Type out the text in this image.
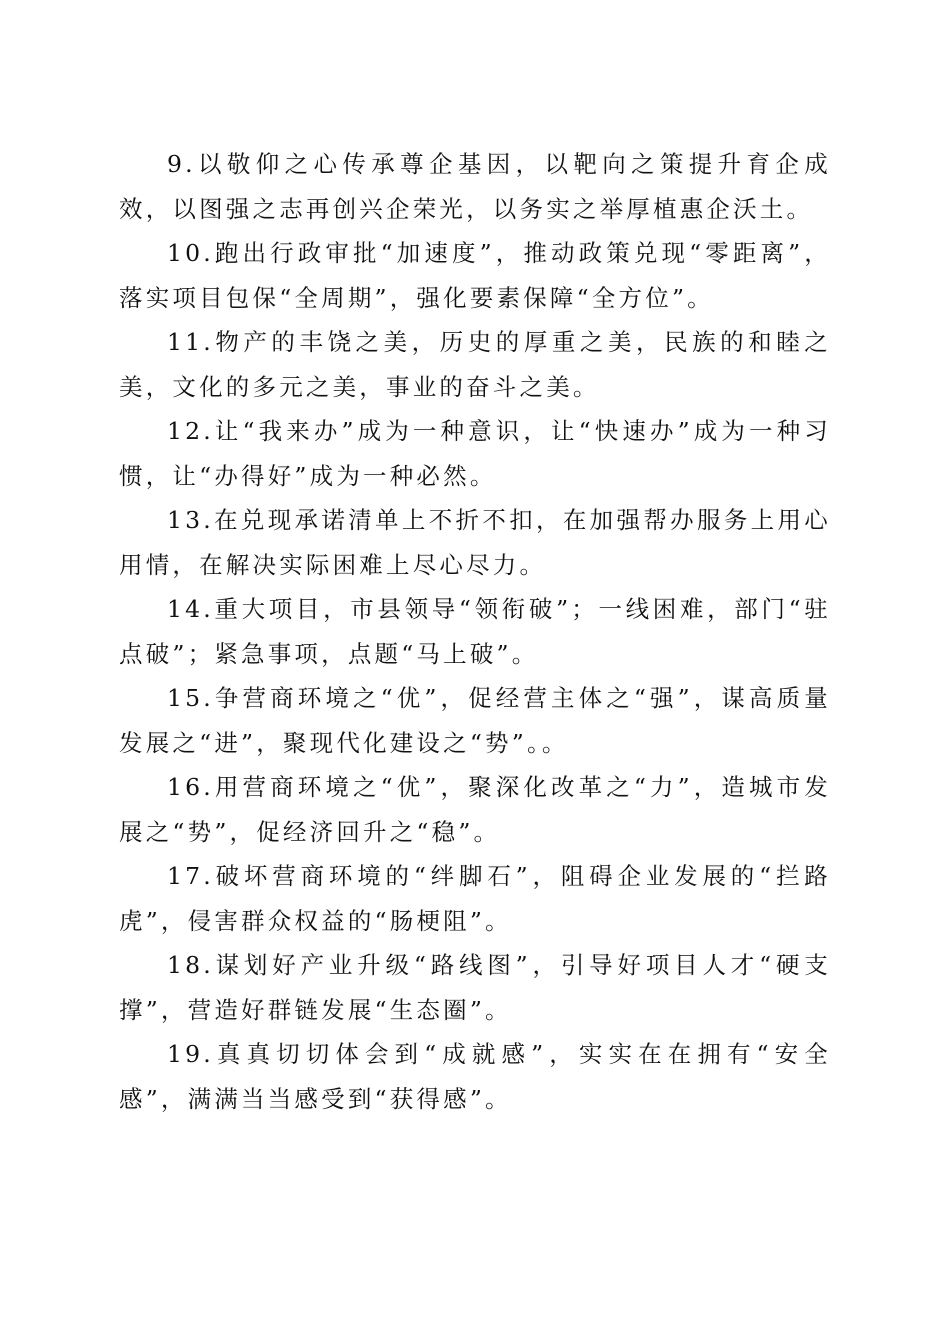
9.以敬仰之心传承尊企基因，以靶向之策提升育企成效，以图强之志再创兴企荣光，以务实之举厚植惠企沃土。

10.跑出行政审批“加速度”，推动政策兑现“零距离”，落实项目包保“全周期”，强化要素保障“全方位”。

11.物产的丰饶之美，历史的厚重之美，民族的和睦之美，文化的多元之美，事业的奋斗之美。

12.让“我来办”成为一种意识，让“快速办”成为一种习惯，让“办得好”成为一种必然。

13.在兑现承诺清单上不折不扣，在加强帮办服务上用心用情，在解决实际困难上尽心尽力。

14.重大项目，市县领导“领衔破”；一线困难，部门“驻点破”；紧急事项，点题“马上破”。

15.争营商环境之“优”，促经营主体之“强”，谋高质量发展之“进”，聚现代化建设之“势”。。

16.用营商环境之“优”，聚深化改革之“力”，造城市发展之“势”，促经济回升之“稳”。

17.破坏营商环境的“绊脚石”，阻碍企业发展的“拦路虎”，侵害群众权益的“肠梗阻”。

18.谋划好产业升级“路线图”，引导好项目人才“硬支撑”，营造好群链发展“生态圈”。

19.真真切切体会到“成就感”，实实在在拥有“安全感”，满满当当感受到“获得感”。
